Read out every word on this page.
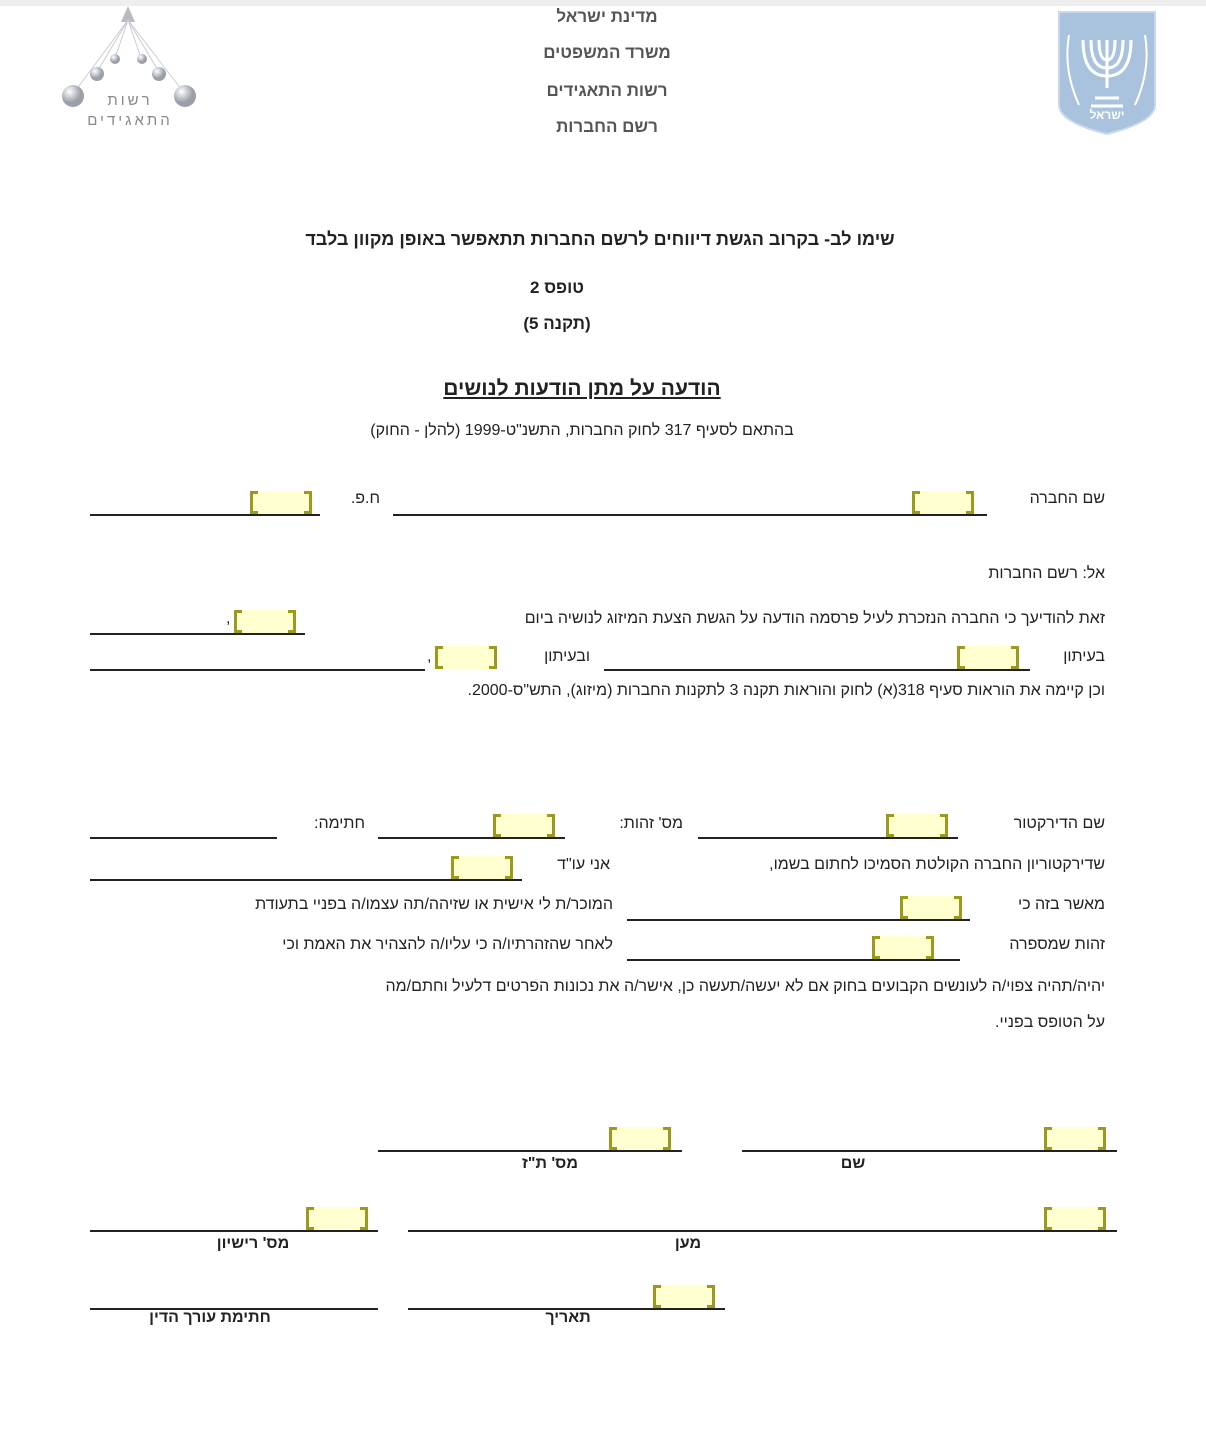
רשות
התאגידים	ישראל
מדינת ישראל
משרד המשפטים
רשות התאגידים
רשם החברות
שימו לב- בקרוב הגשת דיווחים לרשם החברות תתאפשר באופן מקוון בלבד
טופס 2
(תקנה 5)
הודעה על מתן הודעות לנושים
בהתאם לסעיף 317 לחוק החברות, התשנ"ט-1999 (להלן - החוק)
שם החברה
ח.פ.
אל: רשם החברות
זאת להודיעך כי החברה הנזכרת לעיל פרסמה הודעה על הגשת הצעת המיזוג לנושיה ביום
,
בעיתון
ובעיתון
,
וכן קיימה את הוראות סעיף 318(א) לחוק והוראות תקנה 3 לתקנות החברות (מיזוג), התש"ס-2000.
שם הדירקטור
מס' זהות:
חתימה:
שדירקטוריון החברה הקולטת הסמיכו לחתום בשמו,
אני עו"ד
מאשר בזה כי
המוכר/ת לי אישית או שזיהה/תה עצמו/ה בפניי בתעודת
זהות שמספרה
לאחר שהזהרתיו/ה כי עליו/ה להצהיר את האמת וכי
יהיה/תהיה צפוי/ה לעונשים הקבועים בחוק אם לא יעשה/תעשה כן, אישר/ה את נכונות הפרטים דלעיל וחתם/מה
על הטופס בפניי.
שם
מס' ת"ז
מען
מס' רישיון
תאריך
חתימת עורך הדין
